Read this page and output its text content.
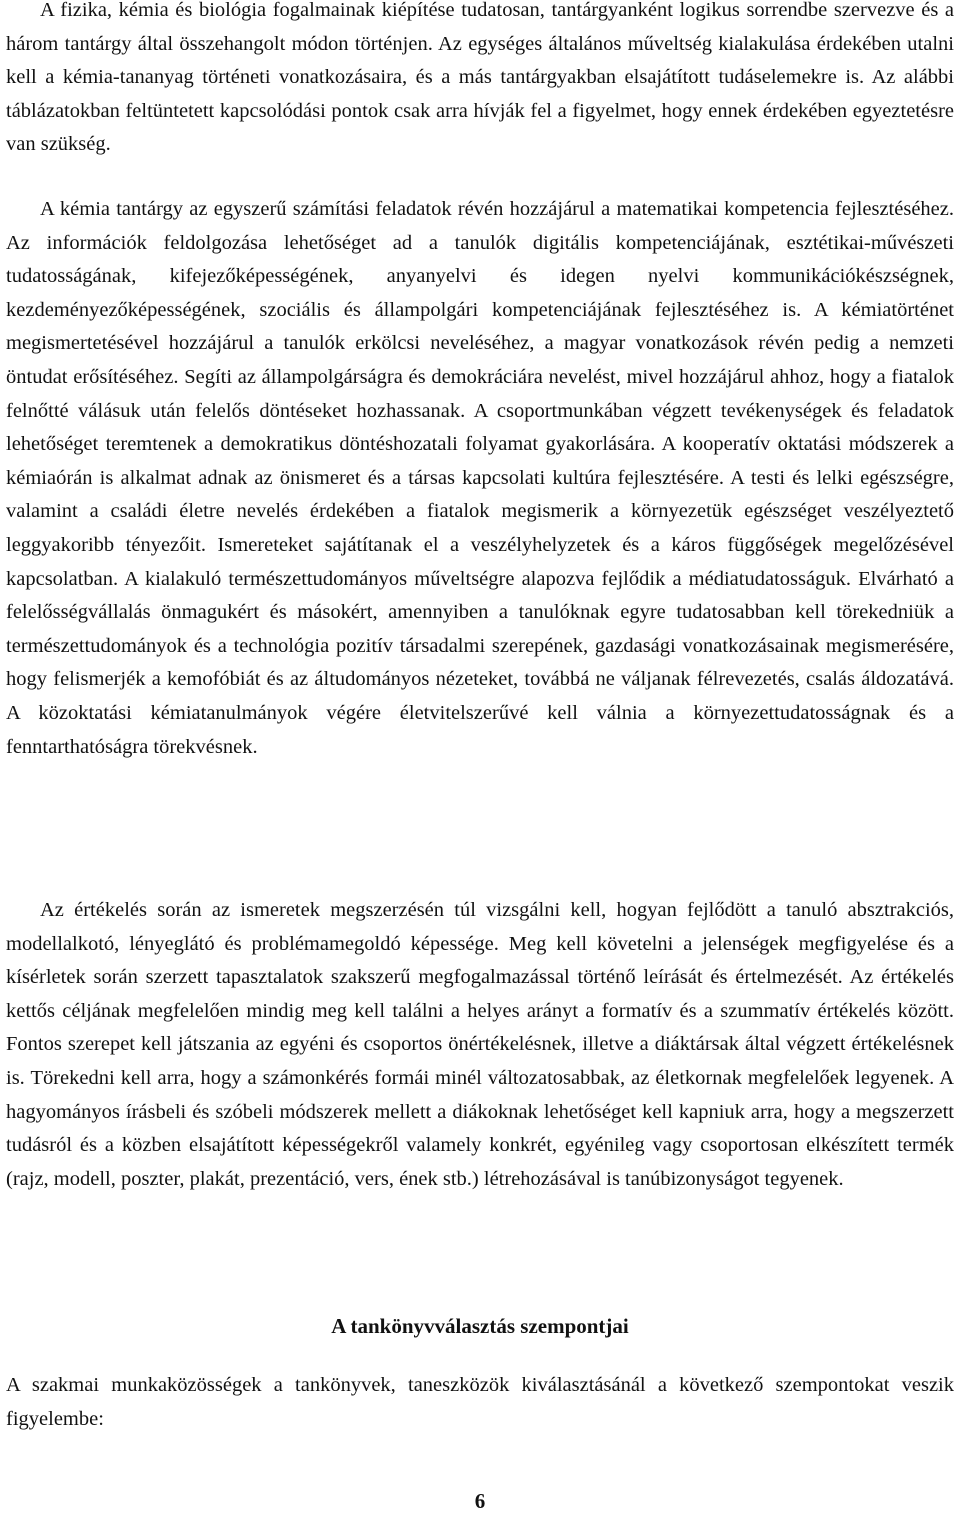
A fizika, kémia és biológia fogalmainak kiépítése tudatosan, tantárgyanként logikus sorrendbe szervezve és a három tantárgy által összehangolt módon történjen. Az egységes általános műveltség kialakulása érdekében utalni kell a kémia-tananyag történeti vonatkozásaira, és a más tantárgyakban elsajátított tudáselemekre is. Az alábbi táblázatokban feltüntetett kapcsolódási pontok csak arra hívják fel a figyelmet, hogy ennek érdekében egyeztetésre van szükség.

A kémia tantárgy az egyszerű számítási feladatok révén hozzájárul a matematikai kompetencia fejlesztéséhez. Az információk feldolgozása lehetőséget ad a tanulók digitális kompetenciájának, esztétikai-művészeti tudatosságának, kifejezőképességének, anyanyelvi és idegen nyelvi kommunikációkészségnek, kezdeményezőképességének, szociális és állampolgári kompetenciájának fejlesztéséhez is. A kémiatörténet megismertetésével hozzájárul a tanulók erkölcsi neveléséhez, a magyar vonatkozások révén pedig a nemzeti öntudat erősítéséhez. Segíti az állampolgárságra és demokráciára nevelést, mivel hozzájárul ahhoz, hogy a fiatalok felnőtté válásuk után felelős döntéseket hozhassanak. A csoportmunkában végzett tevékenységek és feladatok lehetőséget teremtenek a demokratikus döntéshozatali folyamat gyakorlására. A kooperatív oktatási módszerek a kémiaórán is alkalmat adnak az önismeret és a társas kapcsolati kultúra fejlesztésére. A testi és lelki egészségre, valamint a családi életre nevelés érdekében a fiatalok megismerik a környezetük egészséget veszélyeztető leggyakoribb tényezőit. Ismereteket sajátítanak el a veszélyhelyzetek és a káros függőségek megelőzésével kapcsolatban. A kialakuló természettudományos műveltségre alapozva fejlődik a médiatudatosságuk. Elvárható a felelősségvállalás önmagukért és másokért, amennyiben a tanulóknak egyre tudatosabban kell törekedniük a természettudományok és a technológia pozitív társadalmi szerepének, gazdasági vonatkozásainak megismerésére, hogy felismerjék a kemofóbiát és az áltudományos nézeteket, továbbá ne váljanak félrevezetés, csalás áldozatává. A közoktatási kémiatanulmányok végére életvitelszerűvé kell válnia a környezettudatosságnak és a fenntarthatóságra törekvésnek.

Az értékelés során az ismeretek megszerzésén túl vizsgálni kell, hogyan fejlődött a tanuló absztrakciós, modellalkotó, lényeglátó és problémamegoldó képessége. Meg kell követelni a jelenségek megfigyelése és a kísérletek során szerzett tapasztalatok szakszerű megfogalmazással történő leírását és értelmezését. Az értékelés kettős céljának megfelelően mindig meg kell találni a helyes arányt a formatív és a szummatív értékelés között. Fontos szerepet kell játszania az egyéni és csoportos önértékelésnek, illetve a diáktársak által végzett értékelésnek is. Törekedni kell arra, hogy a számonkérés formái minél változatosabbak, az életkornak megfelelőek legyenek. A hagyományos írásbeli és szóbeli módszerek mellett a diákoknak lehetőséget kell kapniuk arra, hogy a megszerzett tudásról és a közben elsajátított képességekről valamely konkrét, egyénileg vagy csoportosan elkészített termék (rajz, modell, poszter, plakát, prezentáció, vers, ének stb.) létrehozásával is tanúbizonyságot tegyenek.

A tankönyvválasztás szempontjai

A szakmai munkaközösségek a tankönyvek, taneszközök kiválasztásánál a következő szempontokat veszik figyelembe:

6
